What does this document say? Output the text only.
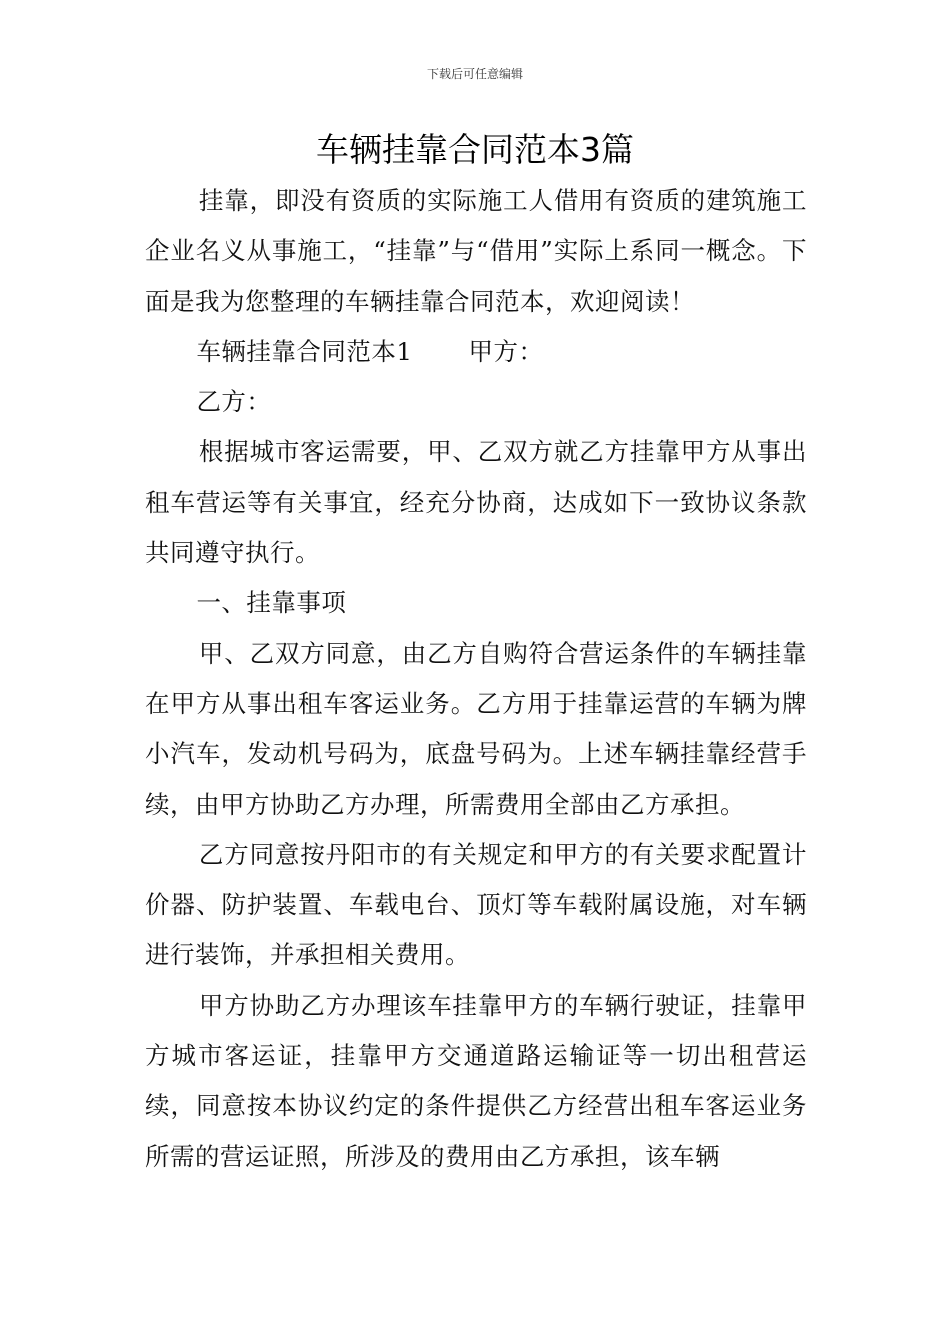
下载后可任意编辑
车辆挂靠合同范本3篇

挂靠，即没有资质的实际施工人借用有资质的建筑施工企业名义从事施工，“挂靠”与“借用”实际上系同一概念。下面是我为您整理的车辆挂靠合同范本，欢迎阅读！

车辆挂靠合同范本1 甲方：

乙方：

根据城市客运需要，甲、乙双方就乙方挂靠甲方从事出租车营运等有关事宜，经充分协商，达成如下一致协议条款共同遵守执行。

一、挂靠事项

甲、乙双方同意，由乙方自购符合营运条件的车辆挂靠在甲方从事出租车客运业务。乙方用于挂靠运营的车辆为牌小汽车，发动机号码为，底盘号码为。上述车辆挂靠经营手续，由甲方协助乙方办理，所需费用全部由乙方承担。

乙方同意按丹阳市的有关规定和甲方的有关要求配置计价器、防护装置、车载电台、顶灯等车载附属设施，对车辆进行装饰，并承担相关费用。

甲方协助乙方办理该车挂靠甲方的车辆行驶证，挂靠甲方城市客运证，挂靠甲方交通道路运输证等一切出租营运续，同意按本协议约定的条件提供乙方经营出租车客运业务所需的营运证照，所涉及的费用由乙方承担，该车辆
